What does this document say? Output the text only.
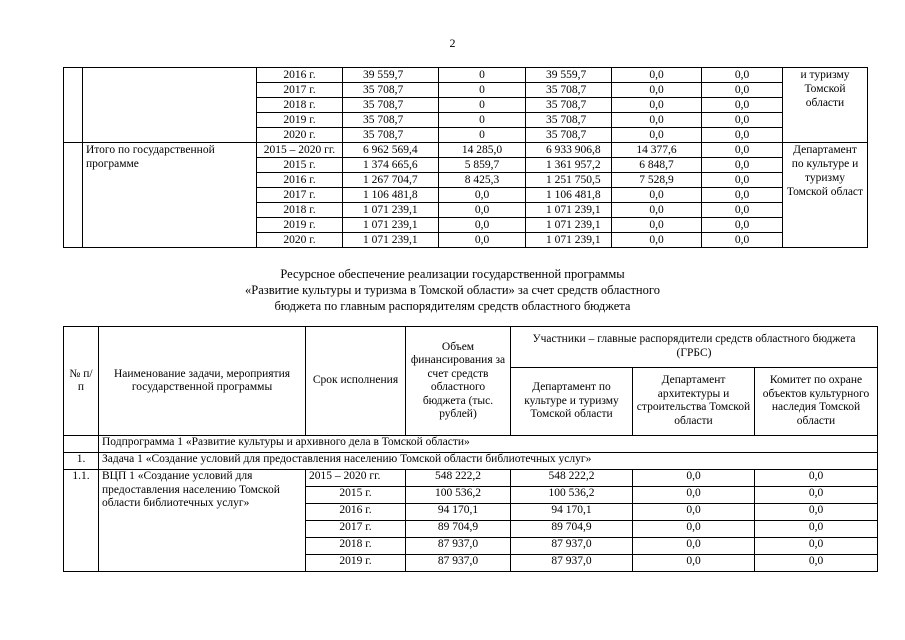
2
		2016 г.	39 559,7	0	39 559,7	0,0	0,0	и туризму Томской области
		2017 г.	35 708,7	0	35 708,7	0,0	0,0	
		2018 г.	35 708,7	0	35 708,7	0,0	0,0	
		2019 г.	35 708,7	0	35 708,7	0,0	0,0	
		2020 г.	35 708,7	0	35 708,7	0,0	0,0	
	Итого по государственной программе	2015 – 2020 гг.	6 962 569,4	14 285,0	6 933 906,8	14 377,6	0,0	Департамент по культуре и туризму Томской област
		2015 г.	1 374 665,6	5 859,7	1 361 957,2	6 848,7	0,0	
		2016 г.	1 267 704,7	8 425,3	1 251 750,5	7 528,9	0,0	
		2017 г.	1 106 481,8	0,0	1 106 481,8	0,0	0,0	
		2018 г.	1 071 239,1	0,0	1 071 239,1	0,0	0,0	
		2019 г.	1 071 239,1	0,0	1 071 239,1	0,0	0,0	
		2020 г.	1 071 239,1	0,0	1 071 239,1	0,0	0,0	
Ресурсное обеспечение реализации государственной программы
«Развитие культуры и туризма в Томской области» за счет средств областного
бюджета по главным распорядителям средств областного бюджета
№ п/п	Наименование задачи, мероприятия государственной программы	Срок исполнения	Объем финансирования за счет средств областного бюджета (тыс. рублей)	Участники – главные распорядители средств областного бюджета (ГРБС)		
				Департамент по культуре и туризму Томской области	Департамент архитектуры и строительства Томской области	Комитет по охране объектов культурного наследия Томской области
	Подпрограмма 1 «Развитие культуры и архивного дела в Томской области»					
1.	Задача 1 «Создание условий для предоставления населению Томской области библиотечных услуг»					
1.1.	ВЦП 1 «Создание условий для предоставления населению Томской области библиотечных услуг»	2015 – 2020 гг.	548 222,2	548 222,2	0,0	0,0
		2015 г.	100 536,2	100 536,2	0,0	0,0
		2016 г.	94 170,1	94 170,1	0,0	0,0
		2017 г.	89 704,9	89 704,9	0,0	0,0
		2018 г.	87 937,0	87 937,0	0,0	0,0
		2019 г.	87 937,0	87 937,0	0,0	0,0
